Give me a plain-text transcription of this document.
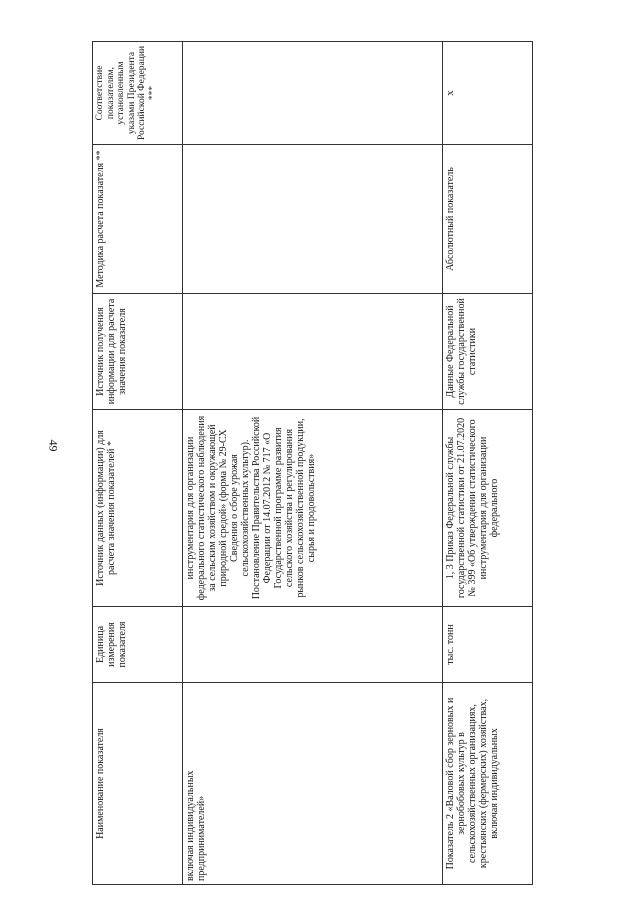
49
Наименование показателя	Единица измерения показателя	Источник данных (информации) для расчета значения показателей *	Источник получения информации для расчета значения показателя	Методика расчета показателя **	Соответствие показателям, установленным указами Президента Российской Федерации ***
включая индивидуальных предпринимателей»		инструментария для организации федерального статистического наблюдения за сельским хозяйством и окружающей природной средой» (форма № 29-СХ Сведения о сборе урожая сельскохозяйственных культур). Постановление Правительства Российской Федерации от 14.07.2012 № 717 «О Государственной программе развития сельского хозяйства и регулирования рынков сельскохозяйственной продукции, сырья и продовольствия»			
Показатель 2 «Валовой сбор зерновых и зернобобовых культур в сельскохозяйственных организациях, крестьянских (фермерских) хозяйствах, включая индивидуальных	тыс. тонн	1, 3 Приказ Федеральной службы государственной статистики от 21.07.2020 № 399 «Об утверждении статистического инструментария для организации федерального	Данные Федеральной службы государственной статистики	Абсолютный показатель	х
